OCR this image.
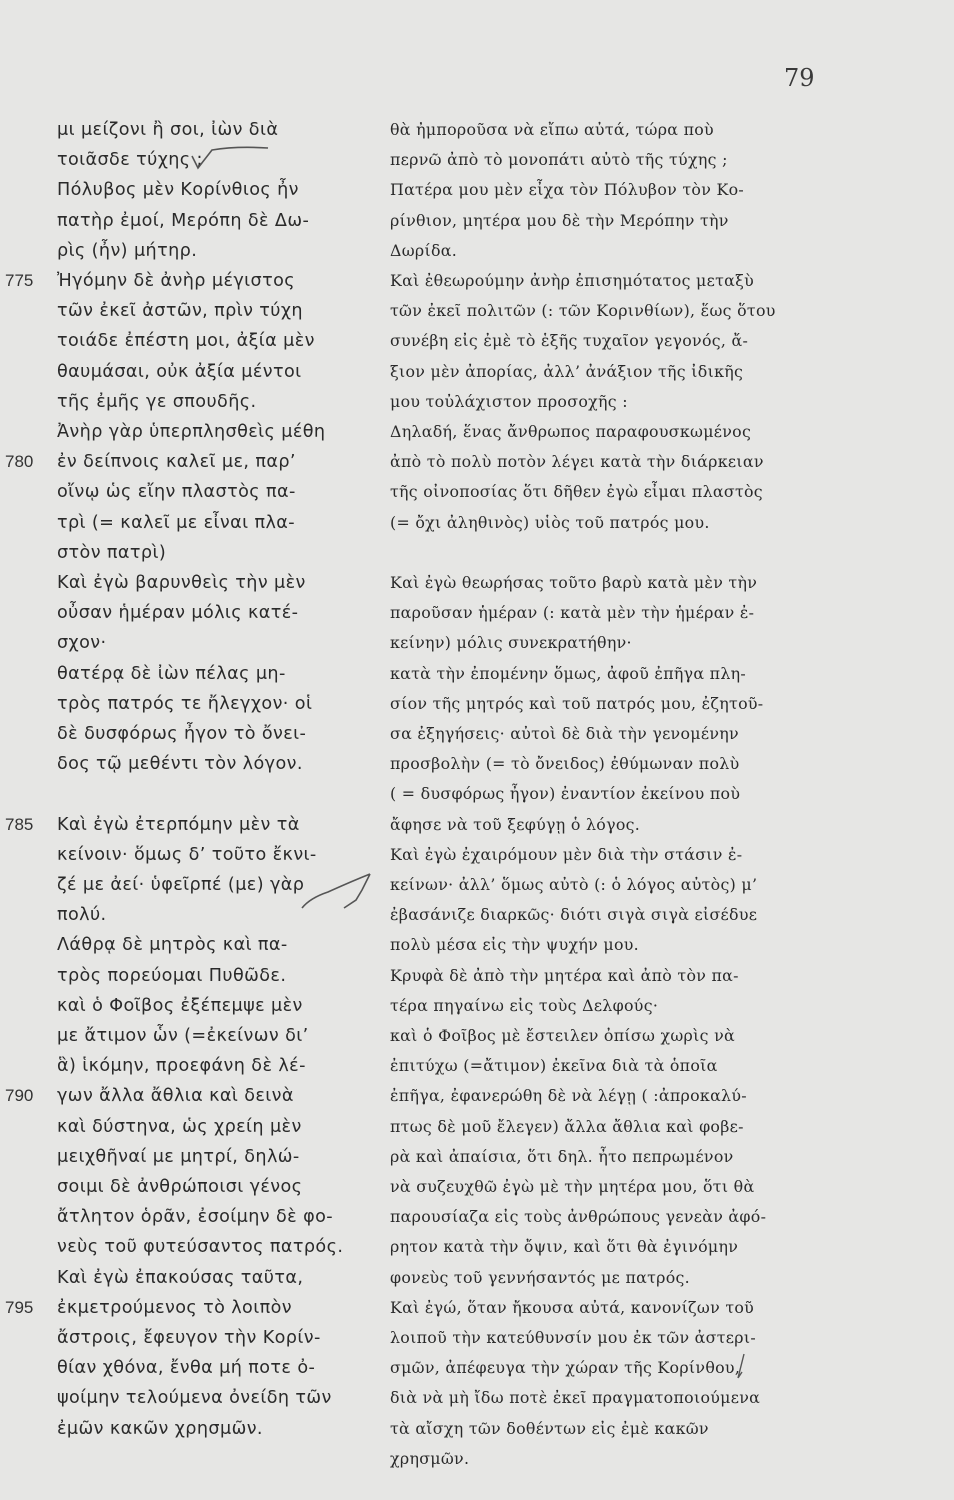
79
μι μείζονι ἢ σοι, ἰὼν διὰ
τοιᾶσδε τύχης ;
Πόλυβος μὲν Κορίνθιος ἦν
πατὴρ ἐμοί, Μερόπη δὲ Δω-
ρὶς (ἦν) μήτηρ.
Ἠγόμην δὲ ἀνὴρ μέγιστος
τῶν ἐκεῖ ἀστῶν, πρὶν τύχη
τοιάδε ἐπέστη μοι, ἀξία μὲν
θαυμάσαι, οὐκ ἀξία μέντοι
τῆς ἐμῆς γε σπουδῆς.
Ἀνὴρ γὰρ ὑπερπλησθεὶς μέθη
ἐν δείπνοις καλεῖ με, παρ’
οἴνῳ ὡς εἴην πλαστὸς πα-
τρὶ (= καλεῖ με εἶναι πλα-
στὸν πατρὶ)
Καὶ ἐγὼ βαρυνθεὶς τὴν μὲν
οὖσαν ἡμέραν μόλις κατέ-
σχον·
θατέρᾳ δὲ ἰὼν πέλας μη-
τρὸς πατρός τε ἤλεγχον· οἱ
δὲ δυσφόρως ἦγον τὸ ὄνει-
δος τῷ μεθέντι τὸν λόγον.
Καὶ ἐγὼ ἐτερπόμην μὲν τὰ
κείνοιν· ὅμως δ’ τοῦτο ἔκνι-
ζέ με ἀεί· ὑφεῖρπέ (με) γὰρ
πολύ.
Λάθρᾳ δὲ μητρὸς καὶ πα-
τρὸς πορεύομαι Πυθῶδε.
καὶ ὁ Φοῖβος ἐξέπεμψε μὲν
με ἄτιμον ὧν (=ἐκείνων δι’
ἃ) ἱκόμην, προεφάνη δὲ λέ-
γων ἄλλα ἄθλια καὶ δεινὰ
καὶ δύστηνα, ὡς χρείη μὲν
μειχθῆναί με μητρί, δηλώ-
σοιμι δὲ ἀνθρώποισι γένος
ἄτλητον ὁρᾶν, ἐσοίμην δὲ φο-
νεὺς τοῦ φυτεύσαντος πατρός.
Καὶ ἐγὼ ἐπακούσας ταῦτα,
ἐκμετρούμενος τὸ λοιπὸν
ἄστροις, ἔφευγον τὴν Κορίν-
θίαν χθόνα, ἔνθα μή ποτε ὀ-
ψοίμην τελούμενα ὀνείδη τῶν
ἐμῶν κακῶν χρησμῶν.
θὰ ἠμποροῦσα νὰ εἴπω αὐτά, τώρα ποὺ
περνῶ ἀπὸ τὸ μονοπάτι αὐτὸ τῆς τύχης ;
Πατέρα μου μὲν εἶχα τὸν Πόλυβον τὸν Κο-
ρίνθιον, μητέρα μου δὲ τὴν Μερόπην τὴν
Δωρίδα.
Καὶ ἐθεωρούμην ἀνὴρ ἐπισημότατος μεταξὺ
τῶν ἐκεῖ πολιτῶν (: τῶν Κορινθίων), ἕως ὅτου
συνέβη εἰς ἐμὲ τὸ ἑξῆς τυχαῖον γεγονός, ἄ-
ξιον μὲν ἀπορίας, ἀλλ’ ἀνάξιον τῆς ἰδικῆς
μου τοὐλάχιστον προσοχῆς :
Δηλαδή, ἕνας ἄνθρωπος παραφουσκωμένος
ἀπὸ τὸ πολὺ ποτὸν λέγει κατὰ τὴν διάρκειαν
τῆς οἰνοποσίας ὅτι δῆθεν ἐγὼ εἶμαι πλαστὸς
(= ὄχι ἀληθινὸς) υἱὸς τοῦ πατρός μου.
Καὶ ἐγὼ θεωρήσας τοῦτο βαρὺ κατὰ μὲν τὴν
παροῦσαν ἡμέραν (: κατὰ μὲν τὴν ἡμέραν ἐ-
κείνην) μόλις συνεκρατήθην·
κατὰ τὴν ἐπομένην ὅμως, ἀφοῦ ἐπῆγα πλη-
σίον τῆς μητρός καὶ τοῦ πατρός μου, ἐζητοῦ-
σα ἐξηγήσεις· αὐτοὶ δὲ διὰ τὴν γενομένην
προσβολὴν (= τὸ ὄνειδος) ἐθύμωναν πολὺ
( = δυσφόρως ἦγον) ἐναντίον ἐκείνου ποὺ
ἄφησε νὰ τοῦ ξεφύγῃ ὁ λόγος.
Καὶ ἐγὼ ἐχαιρόμουν μὲν διὰ τὴν στάσιν ἐ-
κείνων· ἀλλ’ ὅμως αὐτὸ (: ὁ λόγος αὐτὸς) μ’
ἐβασάνιζε διαρκῶς· διότι σιγὰ σιγὰ εἰσέδυε
πολὺ μέσα εἰς τὴν ψυχήν μου.
Κρυφὰ δὲ ἀπὸ τὴν μητέρα καὶ ἀπὸ τὸν πα-
τέρα πηγαίνω εἰς τοὺς Δελφούς·
καὶ ὁ Φοῖβος μὲ ἔστειλεν ὀπίσω χωρὶς νὰ
ἐπιτύχω (=ἄτιμον) ἐκεῖνα διὰ τὰ ὁποῖα
ἐπῆγα, ἐφανερώθη δὲ νὰ λέγῃ ( :ἀπροκαλύ-
πτως δὲ μοῦ ἔλεγεν) ἄλλα ἄθλια καὶ φοβε-
ρὰ καὶ ἀπαίσια, ὅτι δηλ. ἦτο πεπρωμένον
νὰ συζευχθῶ ἐγὼ μὲ τὴν μητέρα μου, ὅτι θὰ
παρουσίαζα εἰς τοὺς ἀνθρώπους γενεὰν ἀφό-
ρητον κατὰ τὴν ὄψιν, καὶ ὅτι θὰ ἐγινόμην
φονεὺς τοῦ γεννήσαντός με πατρός.
Καὶ ἐγώ, ὅταν ἤκουσα αὐτά, κανονίζων τοῦ
λοιποῦ τὴν κατεύθυνσίν μου ἐκ τῶν ἀστερι-
σμῶν, ἀπέφευγα τὴν χώραν τῆς Κορίνθου,
διὰ νὰ μὴ ἴδω ποτὲ ἐκεῖ πραγματοποιούμενα
τὰ αἴσχη τῶν δοθέντων εἰς ἐμὲ κακῶν
χρησμῶν.
775
780
785
790
795
